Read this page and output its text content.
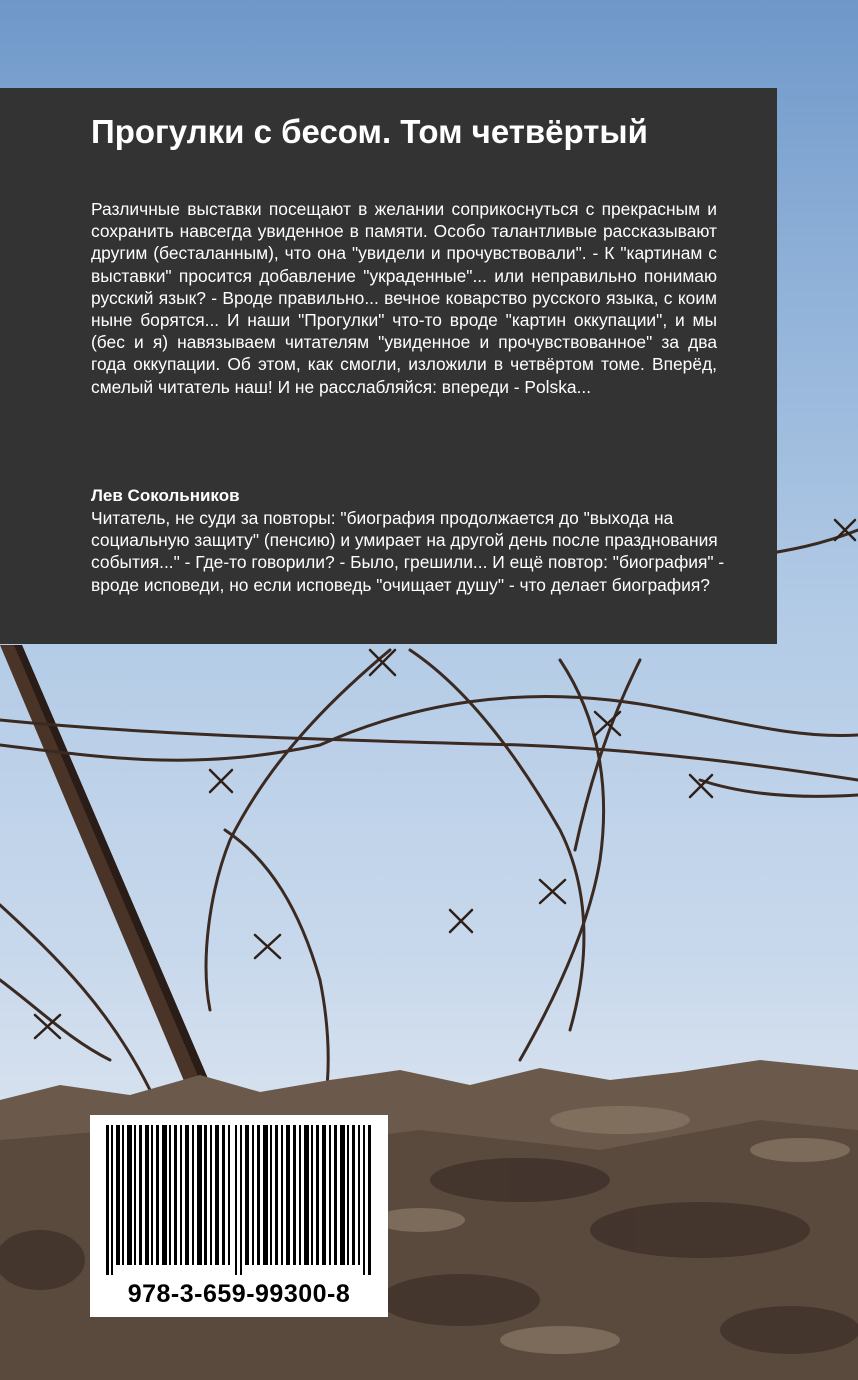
Прогулки с бесом. Том четвёртый

Различные выставки посещают в желании соприкоснуться с прекрасным и сохранить навсегда увиденное в памяти. Особо талантливые рассказывают другим (бесталанным), что она "увидели и прочувствовали". - К "картинам с выставки" просится добавление "украденные"... или неправильно понимаю русский язык? - Вроде правильно... вечное коварство русского языка, с коим ныне борятся... И наши "Прогулки" что-то вроде "картин оккупации", и мы (бес и я) навязываем читателям "увиденное и прочувствованное" за два года оккупации. Об этом, как смогли, изложили в четвёртом томе. Вперёд, смелый читатель наш! И не расслабляйся: впереди - Polska...

Лев Сокольников

Читатель, не суди за повторы: "биография продолжается до "выхода на социальную защиту" (пенсию) и умирает на другой день после празднования события..." - Где-то говорили? - Было, грешили... И ещё повтор: "биография" - вроде исповеди, но если исповедь "очищает душу" - что делает биография?

978-3-659-99300-8
